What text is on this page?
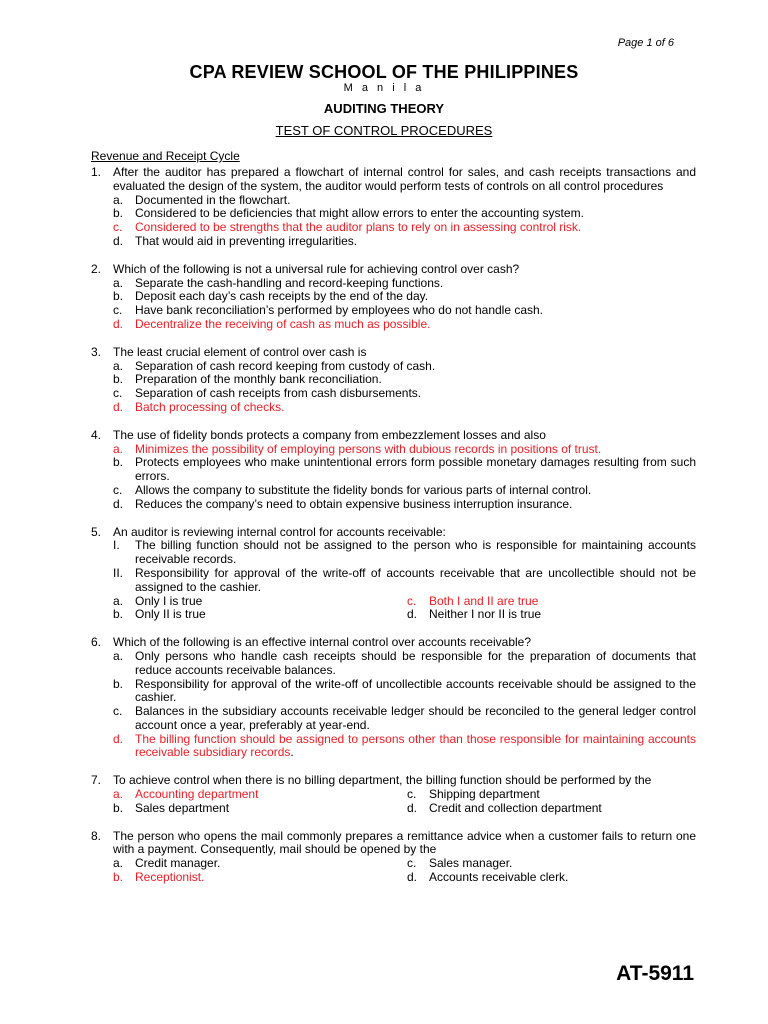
Page 1 of 6
CPA REVIEW SCHOOL OF THE PHILIPPINES
M a n i l a
AUDITING THEORY
TEST OF CONTROL PROCEDURES
Revenue and Receipt Cycle
1. After the auditor has prepared a flowchart of internal control for sales, and cash receipts transactions and evaluated the design of the system, the auditor would perform tests of controls on all control procedures
a. Documented in the flowchart.
b. Considered to be deficiencies that might allow errors to enter the accounting system.
c.	Considered to be strengths that the auditor plans to rely on in assessing control risk.
d. That would aid in preventing irregularities.
2. Which of the following is not a universal rule for achieving control over cash?
a. Separate the cash-handling and record-keeping functions.
b. Deposit each day’s cash receipts by the end of the day.
c.	Have bank reconciliation’s performed by employees who do not handle cash.
d. Decentralize the receiving of cash as much as possible.
3. The least crucial element of control over cash is
a. Separation of cash record keeping from custody of cash.
b. Preparation of the monthly bank reconciliation.
c.	Separation of cash receipts from cash disbursements.
d. Batch processing of checks.
4. The use of fidelity bonds protects a company from embezzlement losses and also
a. Minimizes the possibility of employing persons with dubious records in positions of trust.
b. Protects employees who make unintentional errors form possible monetary damages resulting from such errors.
c.	Allows the company to substitute the fidelity bonds for various parts of internal control.
d. Reduces the company’s need to obtain expensive business interruption insurance.
5. An auditor is reviewing internal control for accounts receivable:
I.	The billing function should not be assigned to the person who is responsible for maintaining accounts receivable records.
II. Responsibility for approval of the write-off of accounts receivable that are uncollectible should not be assigned to the cashier.
a. Only I is true	c.	Both I and II are true
b. Only II is true	d. Neither I nor II is true
6. Which of the following is an effective internal control over accounts receivable?
a. Only persons who handle cash receipts should be responsible for the preparation of documents that reduce accounts receivable balances.
b. Responsibility for approval of the write-off of uncollectible accounts receivable should be assigned to the cashier.
c.	Balances in the subsidiary accounts receivable ledger should be reconciled to the general ledger control account once a year, preferably at year-end.
d. The billing function should be assigned to persons other than those responsible for maintaining accounts receivable subsidiary records.
7. To achieve control when there is no billing department, the billing function should be performed by the
a. Accounting department	c.	Shipping department
b. Sales department	d. Credit and collection department
8. The person who opens the mail commonly prepares a remittance advice when a customer fails to return one with a payment. Consequently, mail should be opened by the
a. Credit manager.	c.	Sales manager.
b. Receptionist.	d. Accounts receivable clerk.
AT-5911
